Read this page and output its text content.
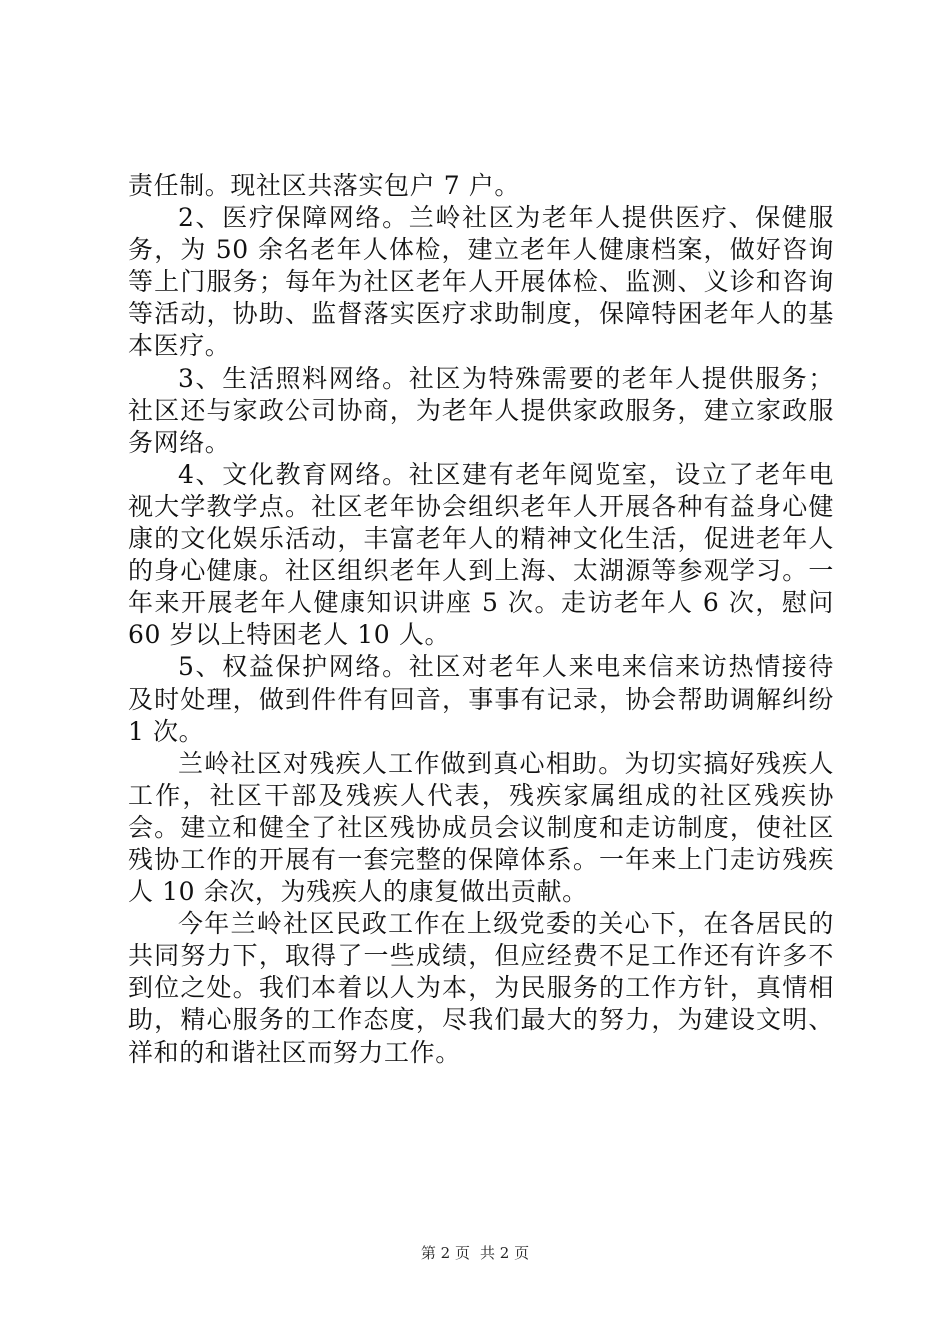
责任制。现社区共落实包户 7 户。

2、医疗保障网络。兰岭社区为老年人提供医疗、保健服务，为 50 余名老年人体检，建立老年人健康档案，做好咨询等上门服务；每年为社区老年人开展体检、监测、义诊和咨询等活动，协助、监督落实医疗求助制度，保障特困老年人的基本医疗。

3、生活照料网络。社区为特殊需要的老年人提供服务；社区还与家政公司协商，为老年人提供家政服务，建立家政服务网络。

4、文化教育网络。社区建有老年阅览室，设立了老年电视大学教学点。社区老年协会组织老年人开展各种有益身心健康的文化娱乐活动，丰富老年人的精神文化生活，促进老年人的身心健康。社区组织老年人到上海、太湖源等参观学习。一年来开展老年人健康知识讲座 5 次。走访老年人 6 次，慰问 60 岁以上特困老人 10 人。

5、权益保护网络。社区对老年人来电来信来访热情接待及时处理，做到件件有回音，事事有记录，协会帮助调解纠纷 1 次。

兰岭社区对残疾人工作做到真心相助。为切实搞好残疾人工作，社区干部及残疾人代表，残疾家属组成的社区残疾协会。建立和健全了社区残协成员会议制度和走访制度，使社区残协工作的开展有一套完整的保障体系。一年来上门走访残疾人 10 余次，为残疾人的康复做出贡献。

今年兰岭社区民政工作在上级党委的关心下，在各居民的共同努力下，取得了一些成绩，但应经费不足工作还有许多不到位之处。我们本着以人为本，为民服务的工作方针，真情相助，精心服务的工作态度，尽我们最大的努力，为建设文明、祥和的和谐社区而努力工作。

第 2 页 共 2 页
